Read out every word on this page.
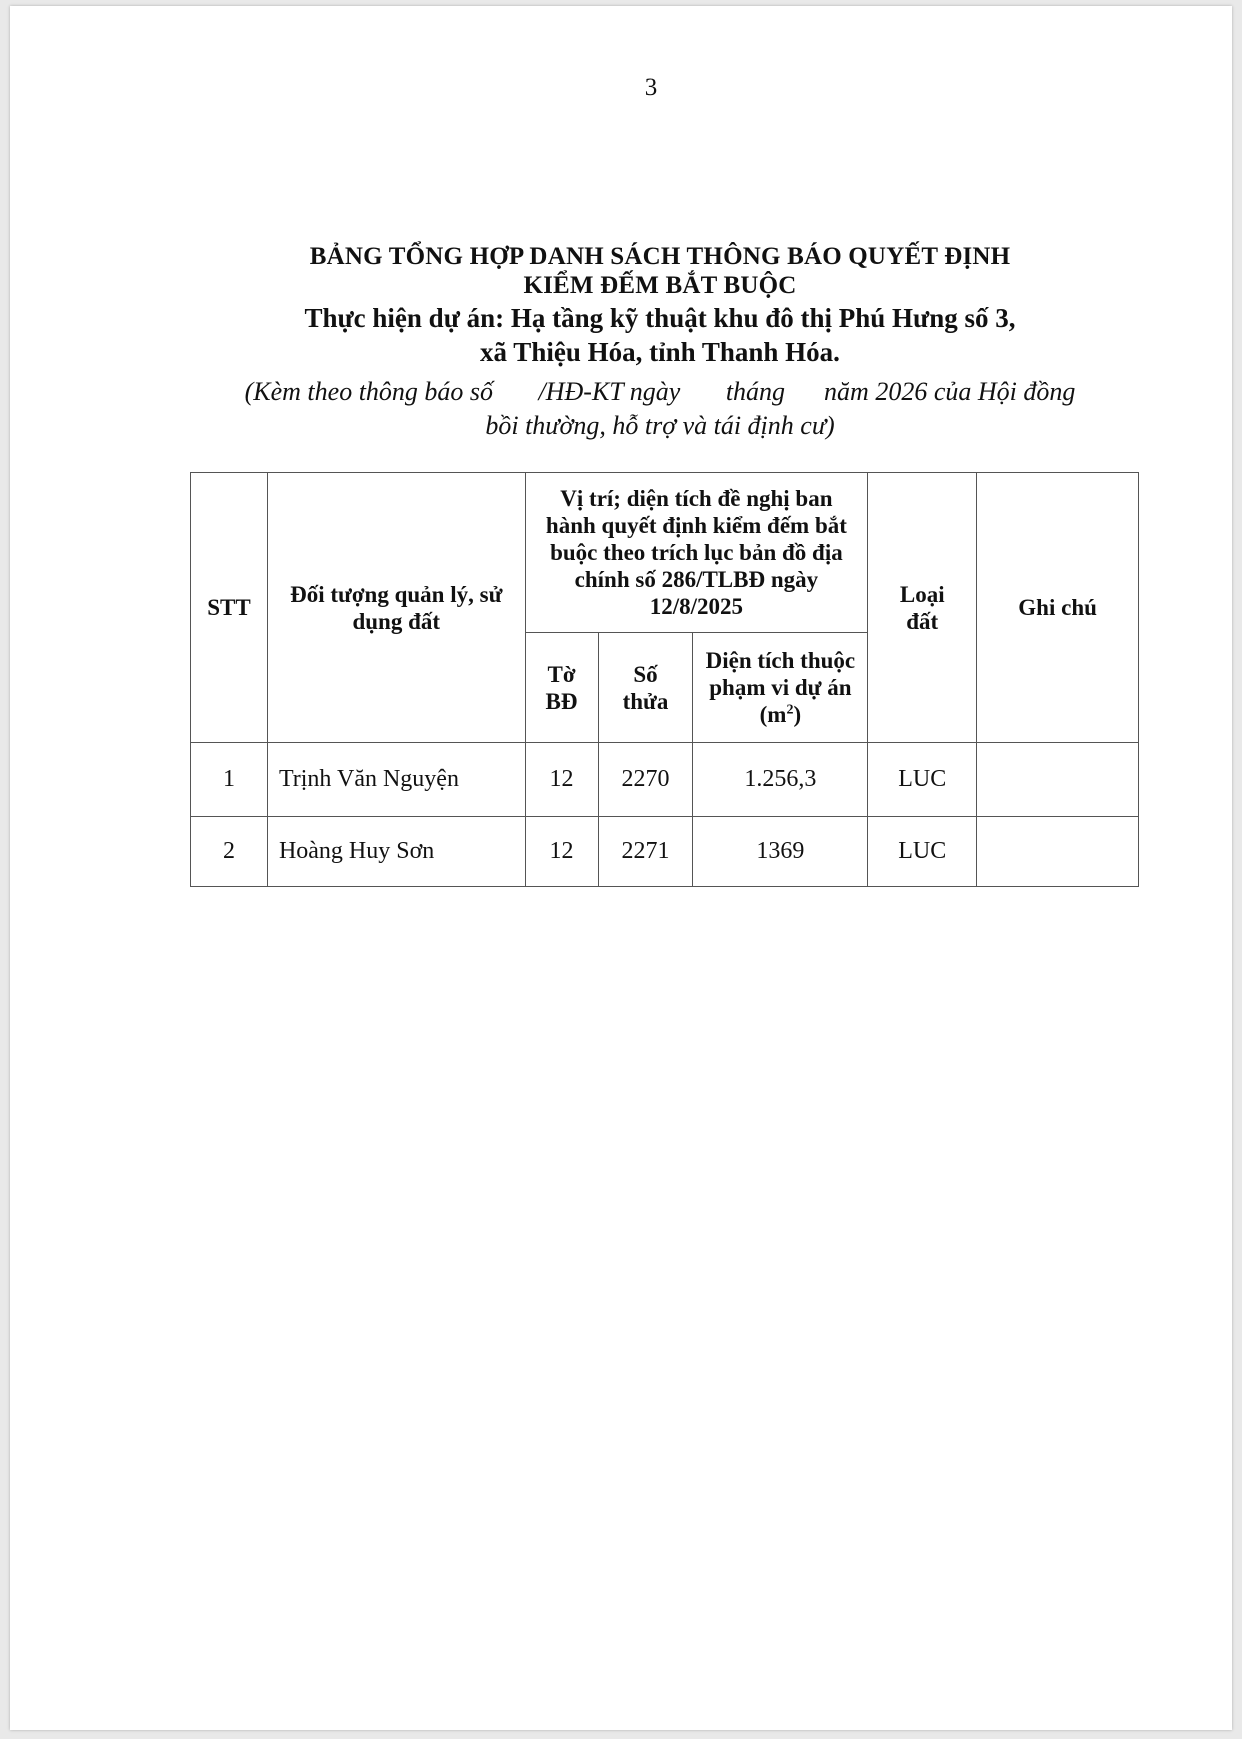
3
BẢNG TỔNG HỢP DANH SÁCH THÔNG BÁO QUYẾT ĐỊNH
KIỂM ĐẾM BẮT BUỘC
Thực hiện dự án: Hạ tầng kỹ thuật khu đô thị Phú Hưng số 3,
xã Thiệu Hóa, tỉnh Thanh Hóa.
(Kèm theo thông báo số       /HĐ-KT ngày       tháng      năm 2026 của Hội đồng
bồi thường, hỗ trợ và tái định cư)
STT	Đối tượng quản lý, sử dụng đất	Vị trí; diện tích đề nghị ban hành quyết định kiểm đếm bắt buộc theo trích lục bản đồ địa chính số 286/TLBĐ ngày 12/8/2025			Loại đất	Ghi chú
		Tờ BĐ	Số thửa	Diện tích thuộc phạm vi dự án $(m^2)$		
1	Trịnh Văn Nguyện	12	2270	1.256,3	LUC	
2	Hoàng Huy Sơn	12	2271	1369	LUC	
